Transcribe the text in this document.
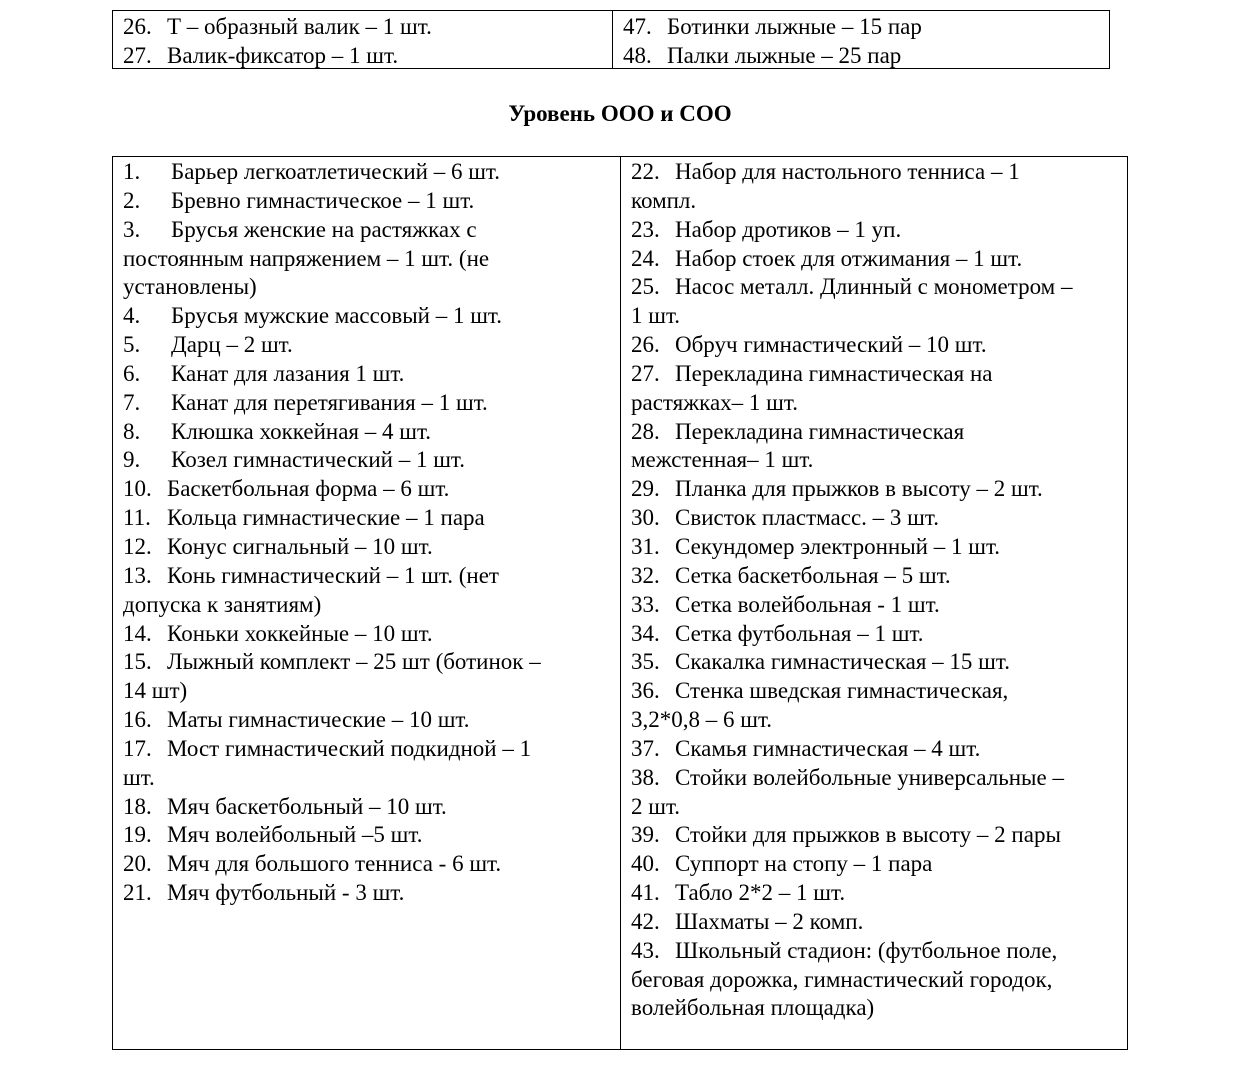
26. Т – образный валик – 1 шт.
27. Валик-фиксатор – 1 шт.
47. Ботинки лыжные – 15 пар
48. Палки лыжные – 25 пар
Уровень ООО и СОО
1. Барьер легкоатлетический – 6 шт.
2. Бревно гимнастическое – 1 шт.
3. Брусья женские на растяжках с
постоянным напряжением – 1 шт. (не
установлены)
4. Брусья мужские массовый – 1 шт.
5. Дарц – 2 шт.
6. Канат для лазания 1 шт.
7. Канат для перетягивания – 1 шт.
8. Клюшка хоккейная – 4 шт.
9. Козел гимнастический – 1 шт.
10. Баскетбольная форма – 6 шт.
11. Кольца гимнастические – 1 пара
12. Конус сигнальный – 10 шт.
13. Конь гимнастический – 1 шт. (нет
допуска к занятиям)
14. Коньки хоккейные – 10 шт.
15. Лыжный комплект – 25 шт (ботинок –
14 шт)
16. Маты гимнастические – 10 шт.
17. Мост гимнастический подкидной – 1
шт.
18. Мяч баскетбольный – 10 шт.
19. Мяч волейбольный –5 шт.
20. Мяч для большого тенниса - 6 шт.
21. Мяч футбольный - 3 шт.
22. Набор для настольного тенниса – 1
компл.
23. Набор дротиков – 1 уп.
24. Набор стоек для отжимания – 1 шт.
25. Насос металл. Длинный с монометром –
1 шт.
26. Обруч гимнастический – 10 шт.
27. Перекладина гимнастическая на
растяжках– 1 шт.
28. Перекладина гимнастическая
межстенная– 1 шт.
29. Планка для прыжков в высоту – 2 шт.
30. Свисток пластмасс. – 3 шт.
31. Секундомер электронный – 1 шт.
32. Сетка баскетбольная – 5 шт.
33. Сетка волейбольная - 1 шт.
34. Сетка футбольная – 1 шт.
35. Скакалка гимнастическая – 15 шт.
36. Стенка шведская гимнастическая,
3,2*0,8 – 6 шт.
37. Скамья гимнастическая – 4 шт.
38. Стойки волейбольные универсальные –
2 шт.
39. Стойки для прыжков в высоту – 2 пары
40. Суппорт на стопу – 1 пара
41. Табло 2*2 – 1 шт.
42. Шахматы – 2 комп.
43. Школьный стадион: (футбольное поле,
беговая дорожка, гимнастический городок,
волейбольная площадка)
